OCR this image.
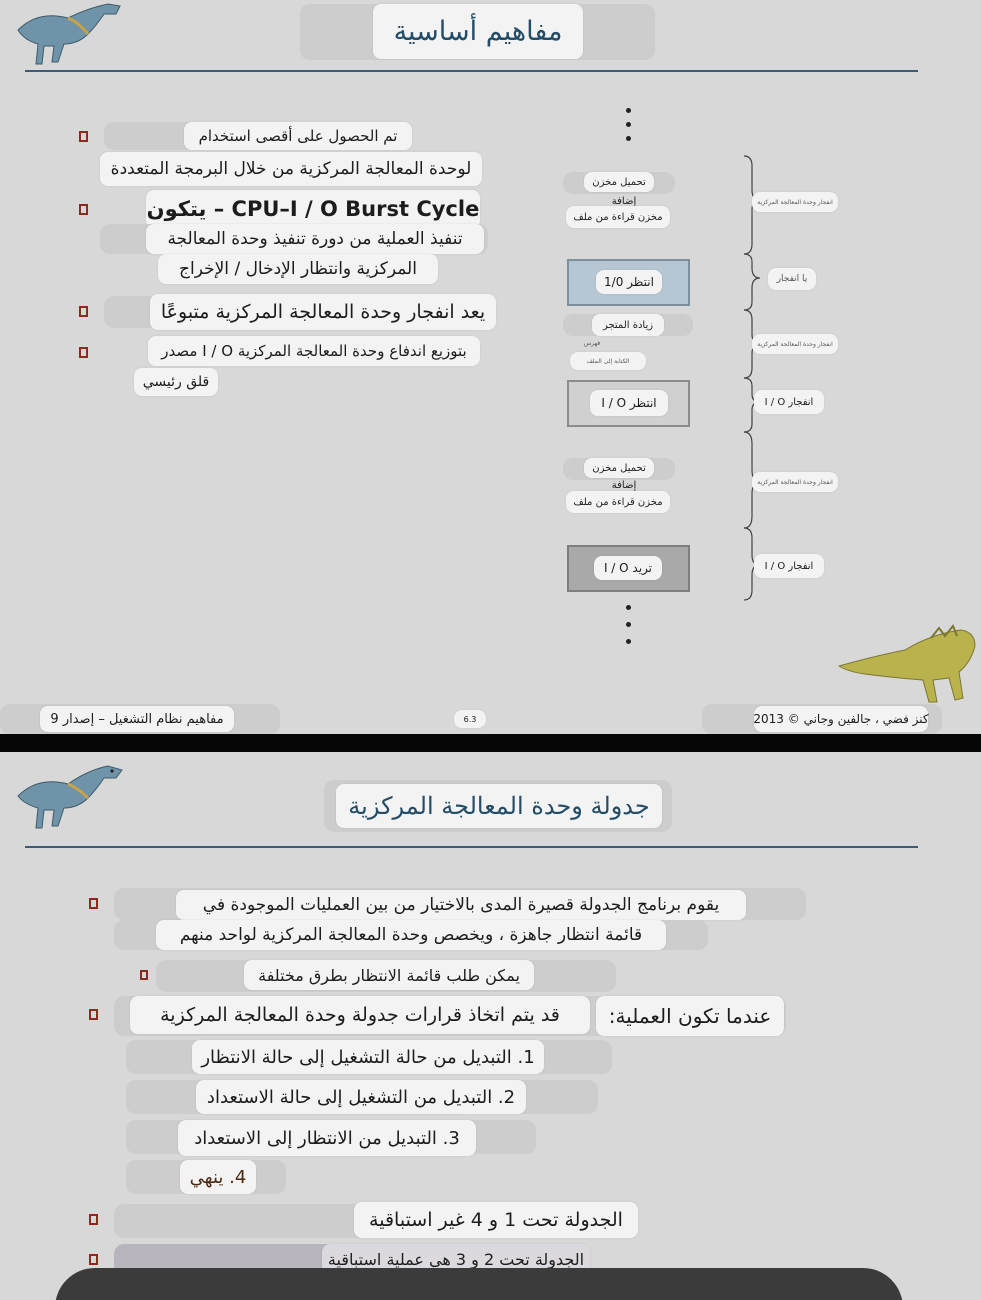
مفاهيم أساسية
تم الحصول على أقصى استخدام
لوحدة المعالجة المركزية من خلال البرمجة المتعددة
CPU–I / O Burst Cycle – يتكون
تنفيذ العملية من دورة تنفيذ وحدة المعالجة
المركزية وانتظار الإدخال / الإخراج
يعد انفجار وحدة المعالجة المركزية متبوعًا
بتوزيع اندفاع وحدة المعالجة المركزية I / O مصدر
قلق رئيسي
تحميل مخزن
إضافة
مخزن قراءة من ملف
انتظر 1/0
زيادة المتجر
فهرس
الكتابة إلى الملف
انتظر I / O
تحميل مخزن
إضافة
مخزن قراءة من ملف
تريد I / O
انفجار وحدة المعالجة المركزية
يا انفجار
انفجار وحدة المعالجة المركزية
انفجار I / O
انفجار وحدة المعالجة المركزية
انفجار I / O
مفاهيم نظام التشغيل – إصدار 9	6.3	كنز فضي ، جالفين وجاني © 2013
جدولة وحدة المعالجة المركزية
يقوم برنامج الجدولة قصيرة المدى بالاختيار من بين العمليات الموجودة في
قائمة انتظار جاهزة ، ويخصص وحدة المعالجة المركزية لواحد منهم
يمكن طلب قائمة الانتظار بطرق مختلفة
قد يتم اتخاذ قرارات جدولة وحدة المعالجة المركزية	عندما تكون العملية:
1. التبديل من حالة التشغيل إلى حالة الانتظار
2. التبديل من التشغيل إلى حالة الاستعداد
3. التبديل من الانتظار إلى الاستعداد
4. ينهي
الجدولة تحت 1 و 4 غير استباقية
الجدولة تحت 2 و 3 هي عملية استباقية
